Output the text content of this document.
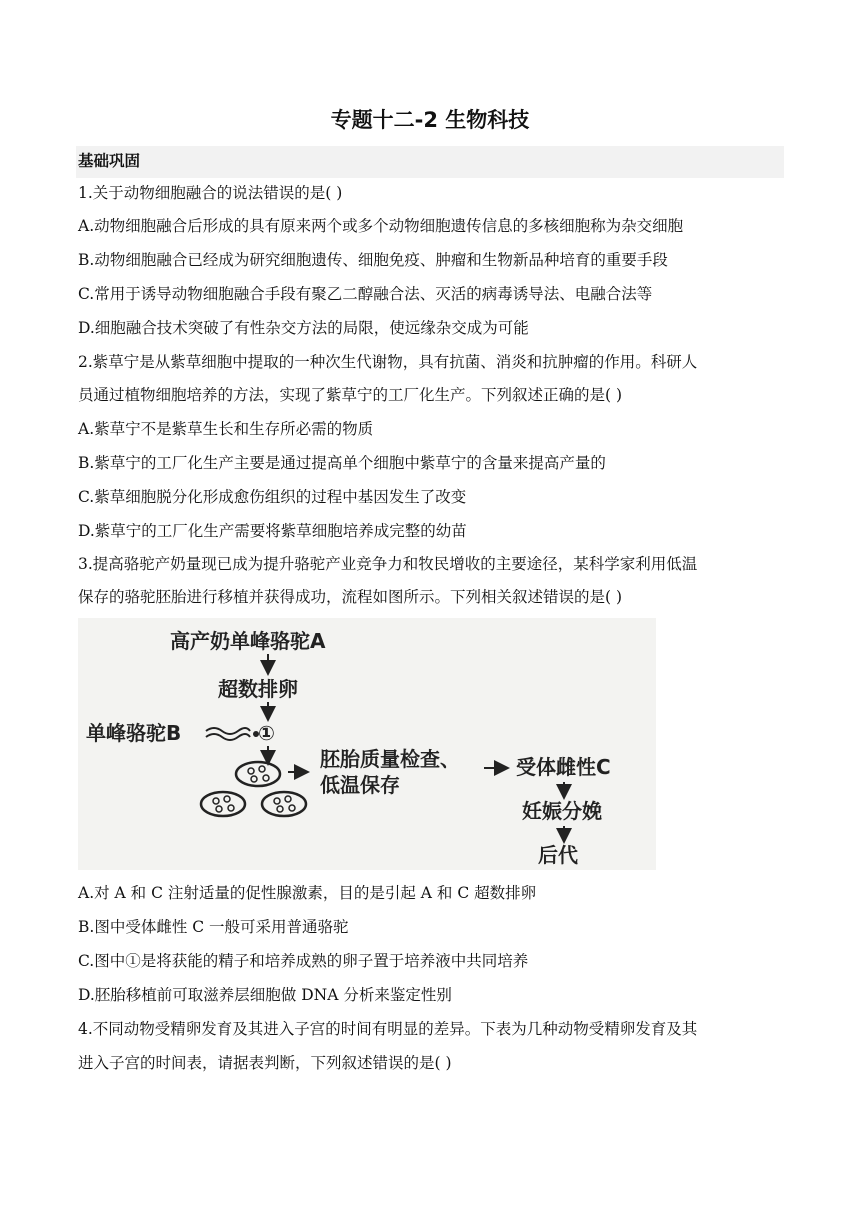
专题十二-2 生物科技
基础巩固
1.关于动物细胞融合的说法错误的是( )
A.动物细胞融合后形成的具有原来两个或多个动物细胞遗传信息的多核细胞称为杂交细胞
B.动物细胞融合已经成为研究细胞遗传、细胞免疫、肿瘤和生物新品种培育的重要手段
C.常用于诱导动物细胞融合手段有聚乙二醇融合法、灭活的病毒诱导法、电融合法等
D.细胞融合技术突破了有性杂交方法的局限，使远缘杂交成为可能
2.紫草宁是从紫草细胞中提取的一种次生代谢物，具有抗菌、消炎和抗肿瘤的作用。科研人
员通过植物细胞培养的方法，实现了紫草宁的工厂化生产。下列叙述正确的是( )
A.紫草宁不是紫草生长和生存所必需的物质
B.紫草宁的工厂化生产主要是通过提高单个细胞中紫草宁的含量来提高产量的
C.紫草细胞脱分化形成愈伤组织的过程中基因发生了改变
D.紫草宁的工厂化生产需要将紫草细胞培养成完整的幼苗
3.提高骆驼产奶量现已成为提升骆驼产业竞争力和牧民增收的主要途径，某科学家利用低温
保存的骆驼胚胎进行移植并获得成功，流程如图所示。下列相关叙述错误的是( )
高产奶单峰骆驼A
超数排卵
单峰骆驼B	①
胚胎质量检查、
低温保存
受体雌性C
妊娠分娩
后代
A.对 A 和 C 注射适量的促性腺激素，目的是引起 A 和 C 超数排卵
B.图中受体雌性 C 一般可采用普通骆驼
C.图中①是将获能的精子和培养成熟的卵子置于培养液中共同培养
D.胚胎移植前可取滋养层细胞做 DNA 分析来鉴定性别
4.不同动物受精卵发育及其进入子宫的时间有明显的差异。下表为几种动物受精卵发育及其
进入子宫的时间表，请据表判断，下列叙述错误的是( )
